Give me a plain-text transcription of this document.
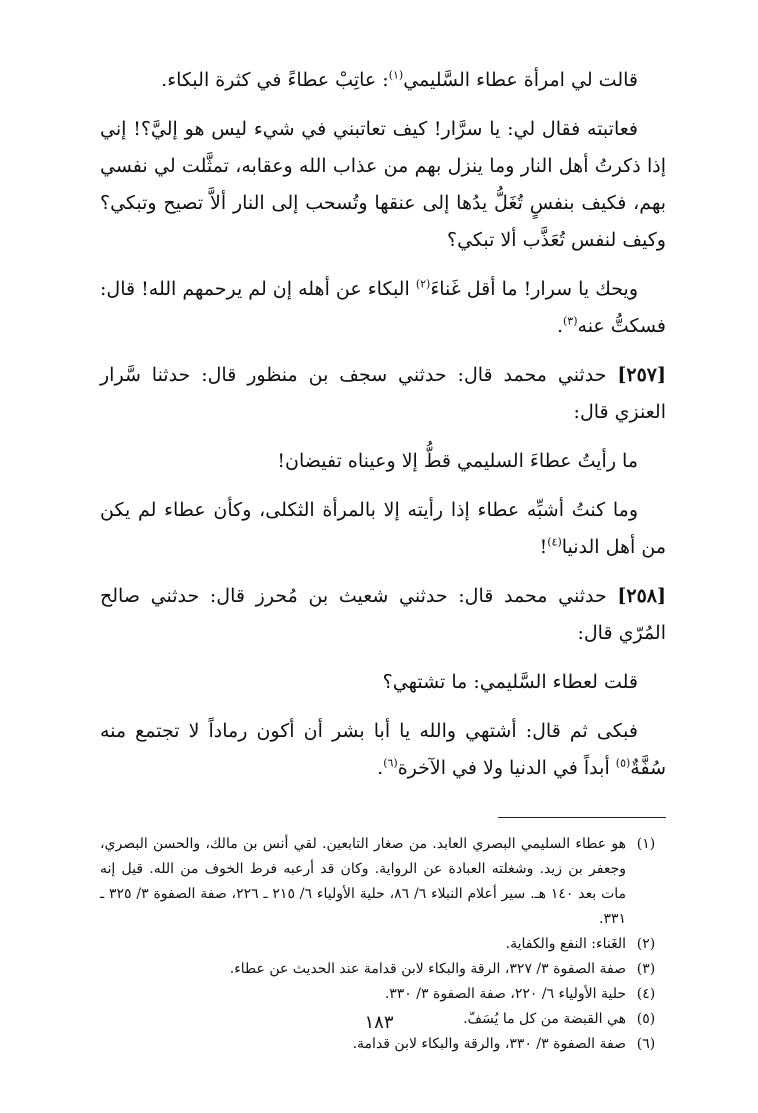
قالت لي امرأة عطاء السَّليمي$^{(١)}$: عاتِبْ عطاءً في كثرة البكاء.

فعاتبته فقال لي: يا سرَّار! كيف تعاتبني في شيء ليس هو إليَّ؟! إني إذا ذكرتُ أهل النار وما ينزل بهم من عذاب الله وعقابه، تمثَّلت لي نفسي بهم، فكيف بنفسٍ تُغَلُّ يدُها إلى عنقها وتُسحب إلى النار ألاَّ تصيح وتبكي؟ وكيف لنفس تُعَذَّب ألا تبكي؟

ويحك يا سرار! ما أقل غَناءَ$^{(٢)}$ البكاء عن أهله إن لم يرحمهم الله! قال: فسكتُّ عنه$^{(٣)}$.

[٢٥٧] حدثني محمد قال: حدثني سجف بن منظور قال: حدثنا سَّرار العنزي قال:

ما رأيتُ عطاءَ السليمي قطُّ إلا وعيناه تفيضان!

وما كنتُ أشبِّه عطاء إذا رأيته إلا بالمرأة الثكلى، وكأن عطاء لم يكن من أهل الدنيا$^{(٤)}$!

[٢٥٨] حدثني محمد قال: حدثني شعيث بن مُحرز قال: حدثني صالح المُرّي قال:

قلت لعطاء السَّليمي: ما تشتهي؟

فبكى ثم قال: أشتهي والله يا أبا بشر أن أكون رماداً لا تجتمع منه سُفَّةٌ$^{(٥)}$ أبداً في الدنيا ولا في الآخرة$^{(٦)}$.

(١)
هو عطاء السليمي البصري العابد. من صغار التابعين. لقي أنس بن مالك، والحسن البصري، وجعفر بن زيد. وشغلته العبادة عن الرواية. وكان قد أرعبه فرط الخوف من الله. قيل إنه مات بعد ١٤٠ هـ. سير أعلام النبلاء ٦/ ٨٦، حلية الأولياء ٦/ ٢١٥ ـ ٢٢٦، صفة الصفوة ٣/ ٣٢٥ ـ ٣٣١.
(٢)
الغَناء: النفع والكفاية.
(٣)
صفة الصفوة ٣/ ٣٢٧، الرقة والبكاء لابن قدامة عند الحديث عن عطاء.
(٤)
حلية الأولياء ٦/ ٢٢٠، صفة الصفوة ٣/ ٣٣٠.
(٥)
هي القبضة من كل ما يُسَفّ.
(٦)
صفة الصفوة ٣/ ٣٣٠، والرقة والبكاء لابن قدامة.
١٨٣
